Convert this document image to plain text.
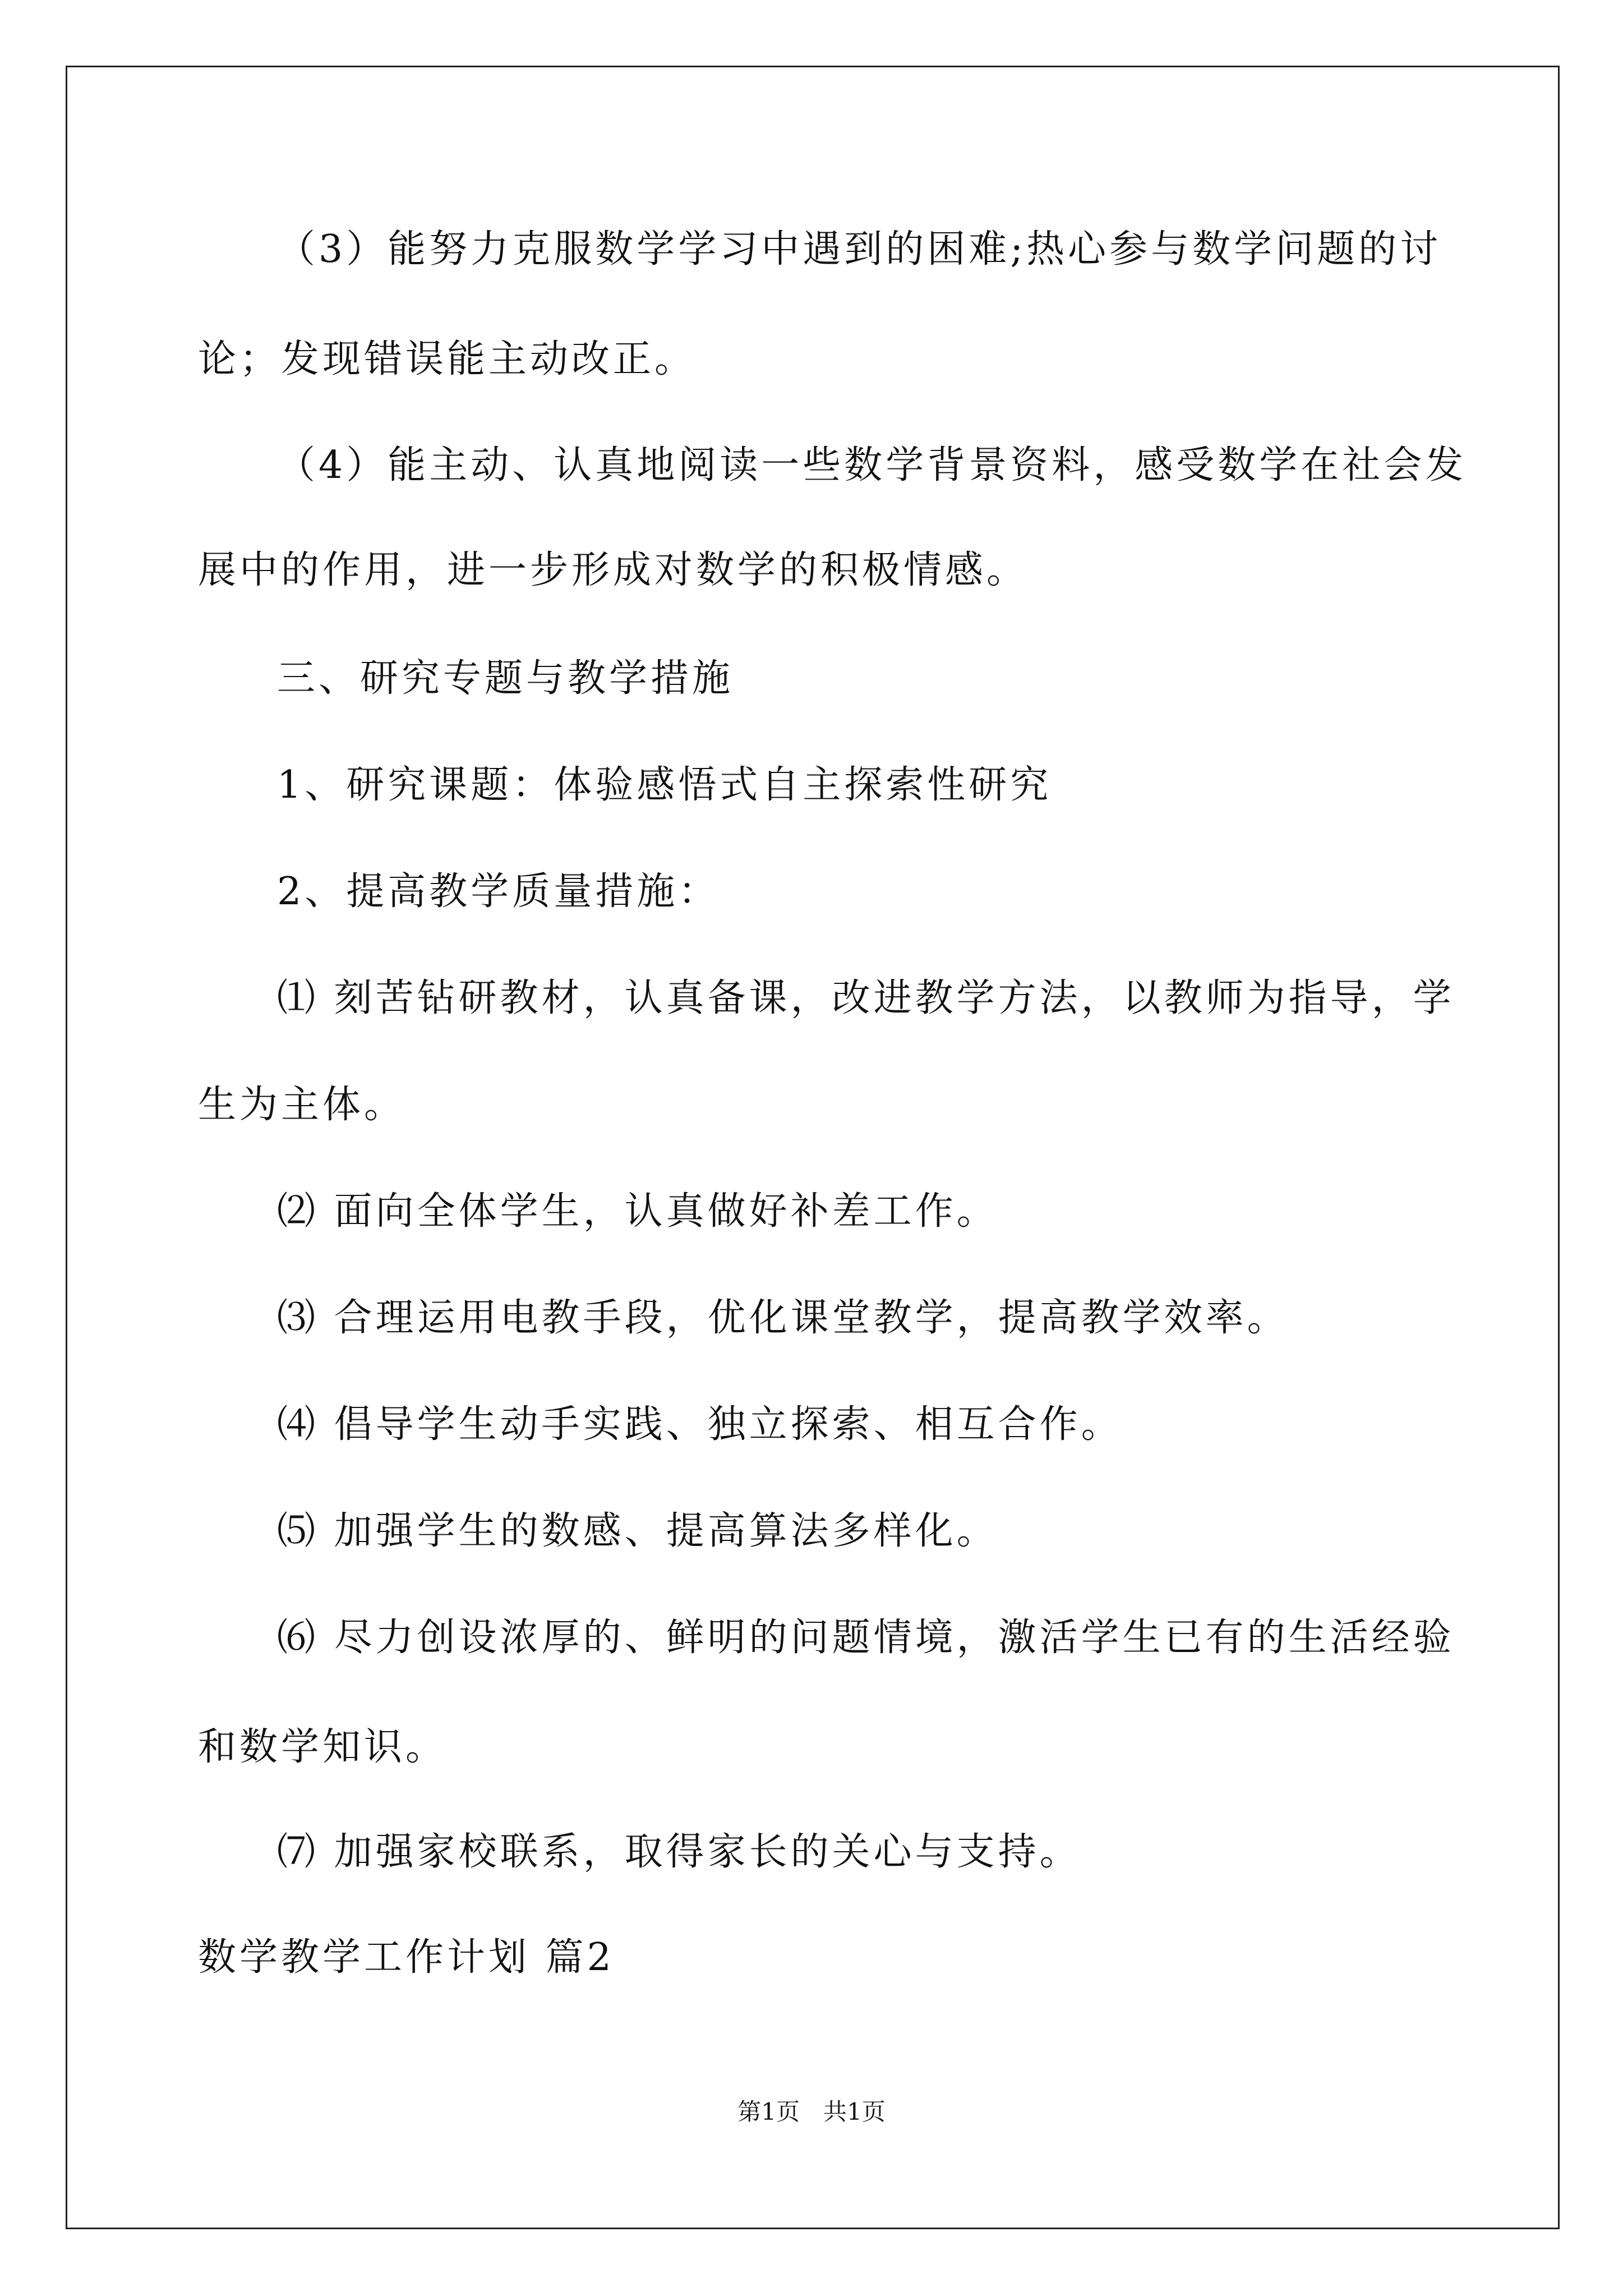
（3）能努力克服数学学习中遇到的困难;热心参与数学问题的讨
论；发现错误能主动改正。
（4）能主动、认真地阅读一些数学背景资料，感受数学在社会发
展中的作用，进一步形成对数学的积极情感。
三、研究专题与教学措施
1、研究课题：体验感悟式自主探索性研究
2、提高教学质量措施：
⑴ 刻苦钻研教材，认真备课，改进教学方法，以教师为指导，学
生为主体。
⑵ 面向全体学生，认真做好补差工作。
⑶ 合理运用电教手段，优化课堂教学，提高教学效率。
⑷ 倡导学生动手实践、独立探索、相互合作。
⑸ 加强学生的数感、提高算法多样化。
⑹ 尽力创设浓厚的、鲜明的问题情境，激活学生已有的生活经验
和数学知识。
⑺ 加强家校联系，取得家长的关心与支持。
数学教学工作计划 篇2
第1页　共1页
